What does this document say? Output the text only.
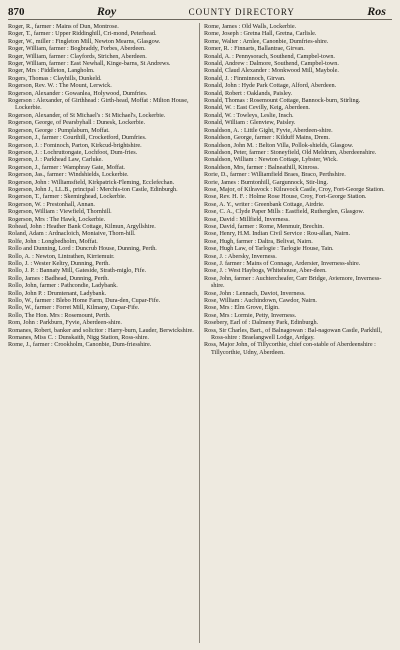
870	Roy	COUNTY DIRECTORY	Ros
Roger, R., farmer : Mains of Dun, Montrose.
Roger, T., farmer : Upper Riddinghill, Cri-mond, Peterhead.
Roger, W., miller : Fingleton Mill, Newton Mearns, Glasgow.
Roger, William, farmer : Bogbraddy, Forbes, Aberdeen.
Roger, William, farmer : Clayfords, Strichen, Aberdeen.
Roger, William, farmer : East Newhall, Kinge-barns, St Andrews.
Roger, Mrs : Fiddleton, Langholm.
Rogers, Thomas : Clayhills, Dunkeld.
Rogerson, Rev. W. : The Mount, Lerwick.
Rogerson, Alexander : Gowanlea, Holywood, Dumfries.
Rogerson : Alexander, of Girthhead : Girth-head, Moffat : Milton House, Lockerbie.
Rogerson, Alexander, of St Michael's : St Michael's, Lockerbie.
Rogerson, George, of Pearsbyhall : Dunesk, Lockerbie.
Rogerson, George : Pumplaburn, Moffat.
Rogerson, J., farmer : Courthill, Crocketford, Dumfries.
Rogerson, J. : Fominoch, Parton, Kirkcud-brightshire.
Rogerson, J. : Lochruttongate, Lochfoot, Dum-fries.
Rogerson, J. : Parkhead Law, Carluke.
Rogerson, J., farmer : Wamphray Gate, Moffat.
Rogerson, Jas., farmer : Windshields, Lockerbie.
Rogerson, John : Williamsfield, Kirkpatrick-Fleming, Ecclefechan.
Rogerson, John J., LL.B., principal : Merchis-ton Castle, Edinburgh.
Rogerson, T., farmer : Skemirghead, Lockerbie.
Rogerson, W. : Prestonhall, Annan.
Rogerson, William : Viewfield, Thornhill.
Rogerson, Mrs : The Hawk, Lockerbie.
Rohead, John : Heather Bank Cottage, Kilmun, Argyllshire.
Roland, Adam : Ardnacloich, Moniaive, Thorn-hill.
Rolfe, John : Longbedholm, Moffat.
Rollo and Dunning, Lord : Duncrub House, Dunning, Perth.
Rollo, A. : Newton, Lintrathen, Kirriemuir.
Rollo, J. : Wester Keltry, Dunning, Perth.
Rollo, J. P. : Bannaty Mill, Gateside, Strath-miglo, Fife.
Rollo, James : Badhead, Dunning, Perth.
Rollo, John, farmer : Pathcondie, Ladybank.
Rollo, John P. : Drumtenant, Ladybank.
Rollo, W., farmer : Blebo Home Farm, Dura-den, Cupar-Fife.
Rollo, W., farmer : Forret Mill, Kilmany, Cupar-Fife.
Rollo, The Hon. Mrs : Rosemount, Perth.
Rom, John : Parkburn, Fyvie, Aberdeen-shire.
Romanes, Robert, banker and solicitor : Harry-burn, Lauder, Berwickshire.
Romanes, Miss C. : Dunskaith, Nigg Station, Ross-shire.
Rome, J., farmer : Crookholm, Canonbie, Dum-friesshire.
Rome, James : Old Walls, Lockerbie.
Rome, Joseph : Gretna Hall, Gretna, Carlisle.
Rome, Walter : Arnlee, Canonbie, Dumfries-shire.
Romer, R. : Finnarts, Ballantrae, Girvan.
Ronald, A. : Pennysorach, Southend, Campbel-town.
Ronald, Andrew : Dalmore, Southend, Campbel-town.
Ronald, Claud Alexander : Monkwood Mill, Maybole.
Ronald, J. : Finminnoch, Girvan.
Ronald, John : Hyde Park Cottage, Alford, Aberdeen.
Ronald, Robert : Oaklands, Paisley.
Ronald, Thomas : Rosemount Cottage, Bannock-burn, Stirling.
Ronald, W. : East Cevilly, Keig, Aberdeen.
Ronald, W. : Towleys, Leslie, Insch.
Ronald, William : Glenview, Paisley.
Ronaldson, A. : Little Gight, Fyvie, Aberdeen-shire.
Ronaldson, George, farmer : Kilduff Mains, Drem.
Ronaldson, John M. : Belton Villa, Pollok-shields, Glasgow.
Ronaldson, Peter, farmer : Stoneyfield, Old Meldrum, Aberdeenshire.
Ronaldson, William : Newton Cottage, Lybster, Wick.
Ronaldson, Mrs, farmer : Balneathill, Kinross.
Rorie, D., farmer : Williamfield Braes, Braco, Perthshire.
Rorie, James : Burntonhill, Gargunnock, Stir-ling.
Rose, Major, of Kilravock : Kilravock Castle, Croy, Fort-George Station.
Rose, Rev. H. F. : Holme Rose House, Croy, Fort-George Station.
Rose, A. Y., writer : Greenbank Cottage, Airdrie.
Rose, C. A., Clyde Paper Mills : Eastfield, Rutherglen, Glasgow.
Rose, David : Millfield, Inverness.
Rose, David, farmer : Rome, Menmuir, Brechin.
Rose, Henry, H.M. Indian Civil Service : Rou-allan, Nairn.
Rose, Hugh, farmer : Daltra, Belivat, Nairn.
Rose, Hugh Law, of Tarlogie : Tarlogie House, Tain.
Rose, J. : Abersky, Inverness.
Rose, J. farmer : Mains of Connage, Ardersier, Inverness-shire.
Rose, J. : West Haybogs, Whitehouse, Aber-deen.
Rose, John, farmer : Auchtercheafer, Carr Bridge, Aviemore, Inverness-shire.
Rose, John : Lennach, Daviot, Inverness.
Rose, William : Auchindown, Cawdor, Nairn.
Rose, Mrs : Elm Grove, Elgin.
Rose, Mrs : Lormie, Petty, Inverness.
Rosebery, Earl of : Dalmeny Park, Edinburgh.
Ross, Sir Charles, Bart., of Balnagowan : Bal-nagowan Castle, Parkhill, Ross-shire : Braelangwell Lodge, Ardgay.
Ross, Major John, of Tillycorthie, chief con-stable of Aberdeenshire : Tillycorthie, Udny, Aberdeen.
